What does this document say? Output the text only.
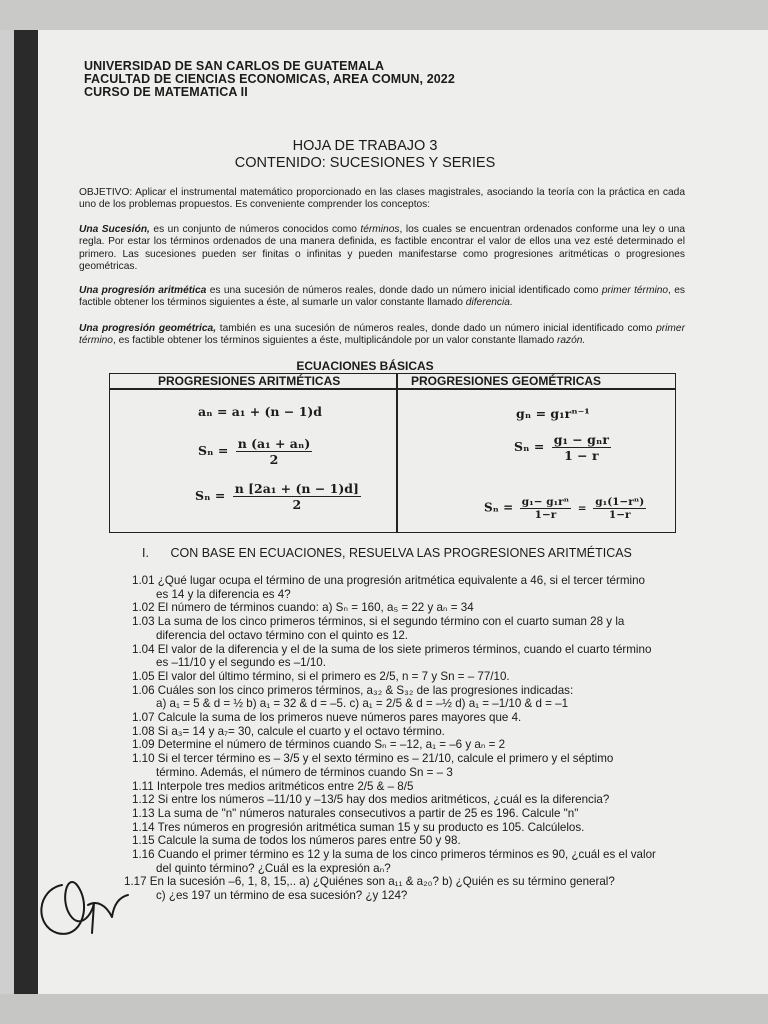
UNIVERSIDAD DE SAN CARLOS DE GUATEMALA
FACULTAD DE CIENCIAS ECONOMICAS, AREA COMUN, 2022
CURSO DE MATEMATICA II
HOJA DE TRABAJO 3
CONTENIDO: SUCESIONES Y SERIES
OBJETIVO: Aplicar el instrumental matemático proporcionado en las clases magistrales, asociando la teoría con la práctica en cada uno de los problemas propuestos. Es conveniente comprender los conceptos:
Una Sucesión, es un conjunto de números conocidos como términos, los cuales se encuentran ordenados conforme una ley o una regla. Por estar los términos ordenados de una manera definida, es factible encontrar el valor de ellos una vez esté determinado el primero. Las sucesiones pueden ser finitas o infinitas y pueden manifestarse como progresiones aritméticas o progresiones geométricas.
Una progresión aritmética es una sucesión de números reales, donde dado un número inicial identificado como primer término, es factible obtener los términos siguientes a éste, al sumarle un valor constante llamado diferencia.
Una progresión geométrica, también es una sucesión de números reales, donde dado un número inicial identificado como primer término, es factible obtener los términos siguientes a éste, multiplicándole por un valor constante llamado razón.
ECUACIONES BÁSICAS
PROGRESIONES ARITMÉTICAS	PROGRESIONES GEOMÉTRICAS
aₙ = a₁ + (n − 1)d
$S_n = \frac{\text{n (a₁ + aₙ)}}{2}$
$S_n = \frac{\text{n [2a₁ + (n − 1)d]}}{2}$
gₙ = g₁rⁿ⁻¹
$S_n = \frac{\text{g₁ − gₙr}}{1 - r}$
$S_n = \frac{\text{g₁− g₁rⁿ}}{1-r} = \frac{\text{g₁(1−rⁿ)}}{1-r}$
I. CON BASE EN ECUACIONES, RESUELVA LAS PROGRESIONES ARITMÉTICAS
1.01 ¿Qué lugar ocupa el término de una progresión aritmética equivalente a 46, si el tercer término
es 14 y la diferencia es 4?
1.02 El número de términos cuando: a) Sₙ = 160, a₅ = 22 y aₙ = 34
1.03 La suma de los cinco primeros términos, si el segundo término con el cuarto suman 28 y la
diferencia del octavo término con el quinto es 12.
1.04 El valor de la diferencia y el de la suma de los siete primeros términos, cuando el cuarto término
es –11/10 y el segundo es –1/10.
1.05 El valor del último término, si el primero es 2/5, n = 7 y Sn = – 77/10.
1.06 Cuáles son los cinco primeros términos, a₃₂ & S₃₂ de las progresiones indicadas:
a) a₁ = 5 & d = ½ b) a₁ = 32 & d = –5. c) a₁ = 2/5 & d = –½ d) a₁ = –1/10 & d = –1
1.07 Calcule la suma de los primeros nueve números pares mayores que 4.
1.08 Si a₃= 14 y a₇= 30, calcule el cuarto y el octavo término.
1.09 Determine el número de términos cuando Sₙ = –12, a₁ = –6 y aₙ = 2
1.10 Si el tercer término es – 3/5 y el sexto término es – 21/10, calcule el primero y el séptimo
término. Además, el número de términos cuando Sn = – 3
1.11 Interpole tres medios aritméticos entre 2/5 & – 8/5
1.12 Si entre los números –11/10 y –13/5 hay dos medios aritméticos, ¿cuál es la diferencia?
1.13 La suma de "n" números naturales consecutivos a partir de 25 es 196. Calcule "n"
1.14 Tres números en progresión aritmética suman 15 y su producto es 105. Calcúlelos.
1.15 Calcule la suma de todos los números pares entre 50 y 98.
1.16 Cuando el primer término es 12 y la suma de los cinco primeros términos es 90, ¿cuál es el valor
del quinto término? ¿Cuál es la expresión aₙ?
1.17 En la sucesión –6, 1, 8, 15,.. a) ¿Quiénes son a₁₁ & a₂₀? b) ¿Quién es su término general?
c) ¿es 197 un término de esa sucesión? ¿y 124?
